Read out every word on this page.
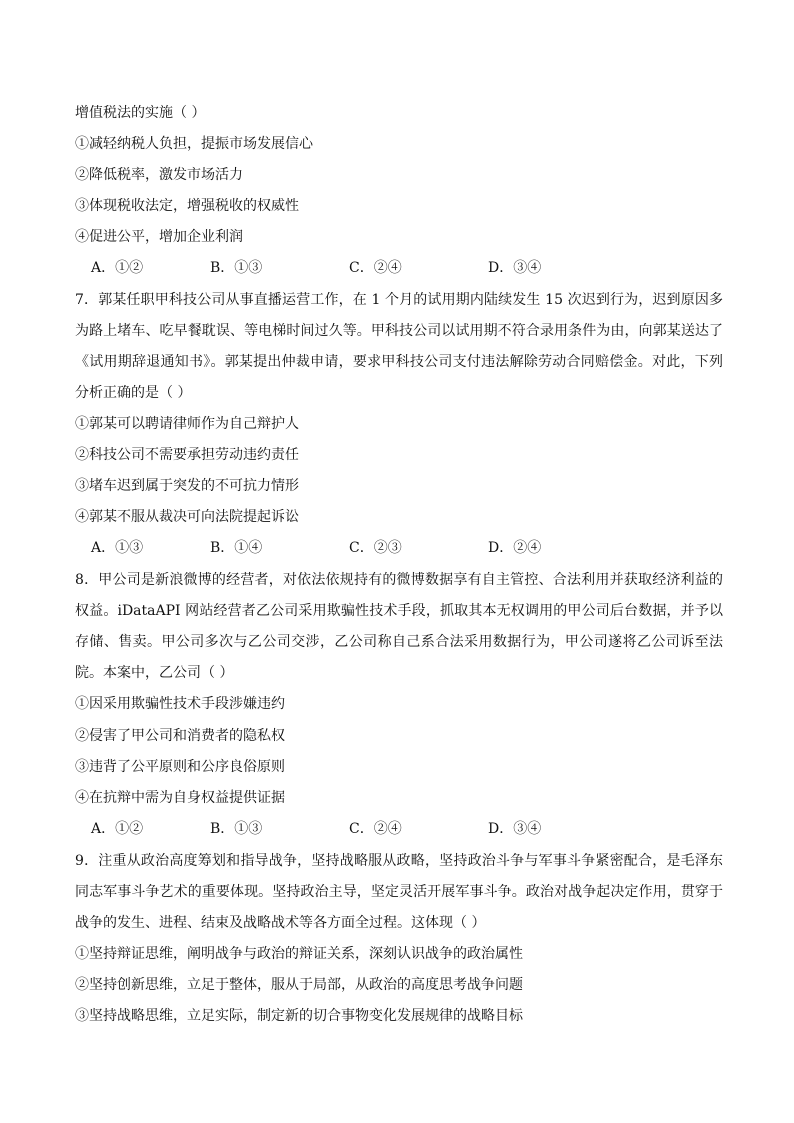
增值税法的实施（ ）
①减轻纳税人负担，提振市场发展信心
②降低税率，激发市场活力
③体现税收法定，增强税收的权威性
④促进公平，增加企业利润
A．①②	B．①③	C．②④	D．③④
7．郭某任职甲科技公司从事直播运营工作，在 1 个月的试用期内陆续发生 15 次迟到行为，迟到原因多为路上堵车、吃早餐耽误、等电梯时间过久等。甲科技公司以试用期不符合录用条件为由，向郭某送达了《试用期辞退通知书》。郭某提出仲裁申请，要求甲科技公司支付违法解除劳动合同赔偿金。对此，下列分析正确的是（ ）
①郭某可以聘请律师作为自己辩护人
②科技公司不需要承担劳动违约责任
③堵车迟到属于突发的不可抗力情形
④郭某不服从裁决可向法院提起诉讼
A．①③	B．①④	C．②③	D．②④
8．甲公司是新浪微博的经营者，对依法依规持有的微博数据享有自主管控、合法利用并获取经济利益的权益。iDataAPI 网站经营者乙公司采用欺骗性技术手段，抓取其本无权调用的甲公司后台数据，并予以存储、售卖。甲公司多次与乙公司交涉，乙公司称自己系合法采用数据行为，甲公司遂将乙公司诉至法院。本案中，乙公司（ ）
①因采用欺骗性技术手段涉嫌违约
②侵害了甲公司和消费者的隐私权
③违背了公平原则和公序良俗原则
④在抗辩中需为自身权益提供证据
A．①②	B．①③	C．②④	D．③④
9．注重从政治高度筹划和指导战争，坚持战略服从政略，坚持政治斗争与军事斗争紧密配合，是毛泽东同志军事斗争艺术的重要体现。坚持政治主导，坚定灵活开展军事斗争。政治对战争起决定作用，贯穿于战争的发生、进程、结束及战略战术等各方面全过程。这体现（ ）
①坚持辩证思维，阐明战争与政治的辩证关系，深刻认识战争的政治属性
②坚持创新思维，立足于整体，服从于局部，从政治的高度思考战争问题
③坚持战略思维，立足实际，制定新的切合事物变化发展规律的战略目标
